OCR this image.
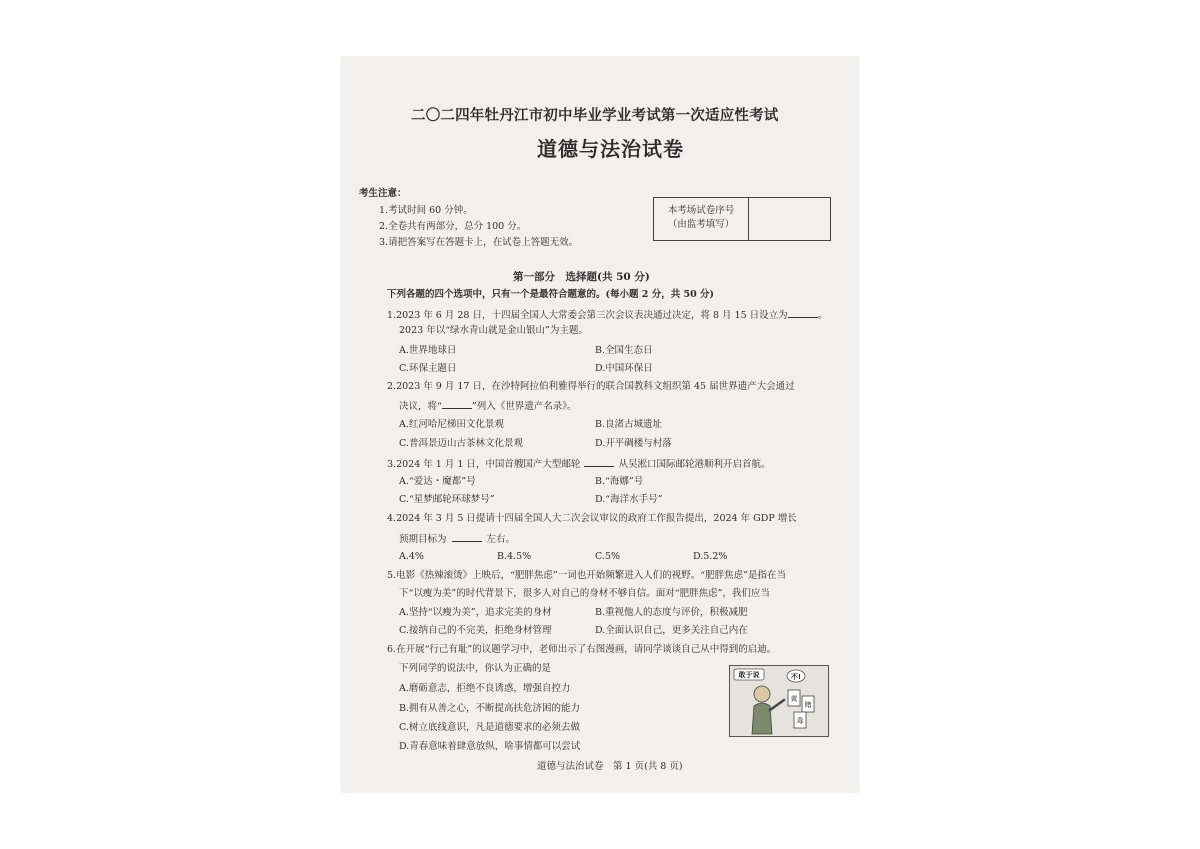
二〇二四年牡丹江市初中毕业学业考试第一次适应性考试
道德与法治试卷
考生注意：
1.考试时间 60 分钟。
2.全卷共有两部分，总分 100 分。
3.请把答案写在答题卡上，在试卷上答题无效。
本考场试卷序号
（由监考填写）
第一部分　选择题(共 50 分)
下列各题的四个选项中，只有一个是最符合题意的。(每小题 2 分，共 50 分)
1.2023 年 6 月 28 日，十四届全国人大常委会第三次会议表决通过决定，将 8 月 15 日设立为	。
2023 年以“绿水青山就是金山银山”为主题。
A.世界地球日	B.全国生态日
C.环保主题日	D.中国环保日
2.2023 年 9 月 17 日，在沙特阿拉伯利雅得举行的联合国教科文组织第 45 届世界遗产大会通过
决议，将“	”列入《世界遗产名录》。
A.红河哈尼梯田文化景观	B.良渚古城遗址
C.普洱景迈山古茶林文化景观	D.开平碉楼与村落
3.2024 年 1 月 1 日，中国首艘国产大型邮轮	从吴淞口国际邮轮港顺利开启首航。
A.“爱达・魔都”号	B.“海娜”号
C.“星梦邮轮环球梦号”	D.“海洋水手号”
4.2024 年 3 月 5 日提请十四届全国人大二次会议审议的政府工作报告提出，2024 年 GDP 增长
预期目标为	左右。
A.4%	B.4.5%	C.5%	D.5.2%
5.电影《热辣滚烫》上映后，“肥胖焦虑”一词也开始频繁进入人们的视野。“肥胖焦虑”是指在当
下“以瘦为美”的时代背景下，很多人对自己的身材不够自信。面对“肥胖焦虑”，我们应当
A.坚持“以瘦为美”，追求完美的身材	B.重视他人的态度与评价，积极减肥
C.接纳自己的不完美，拒绝身材管理	D.全面认识自己，更多关注自己内在
6.在开展“行己有耻”的议题学习中，老师出示了右图漫画，请同学谈谈自己从中得到的启迪。
下列同学的说法中，你认为正确的是
A.磨砺意志，拒绝不良诱惑，增强自控力
B.拥有从善之心，不断提高扶危济困的能力
C.树立底线意识，凡是道德要求的必须去做
D.青春意味着肆意放纵，啥事情都可以尝试
敢于说	不!
黄
赌
毒
道德与法治试卷　第 1 页(共 8 页)
